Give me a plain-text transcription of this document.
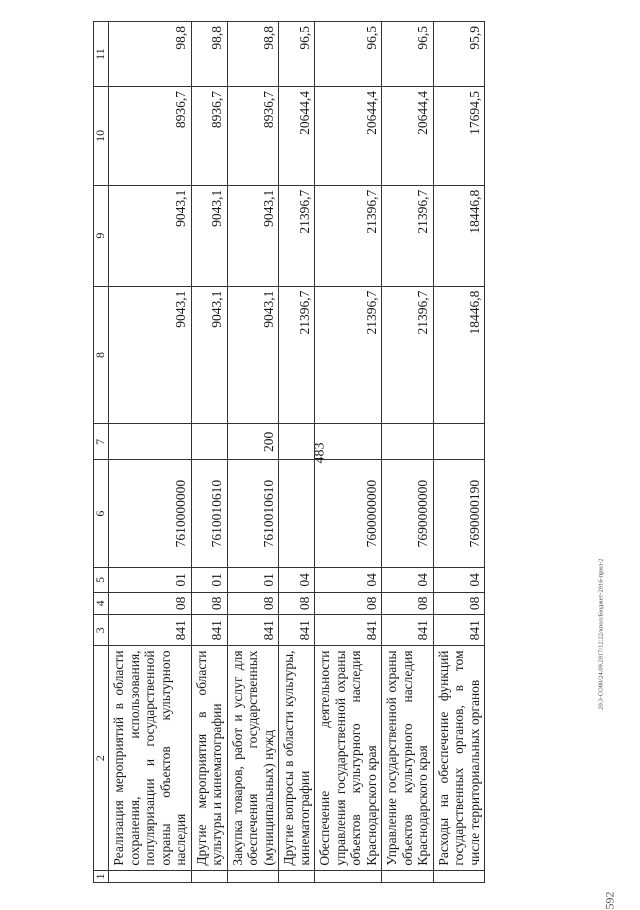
483
1	2	3	4	5	6	7	8	9	10	11
	Реализация мероприятий в области сохранения, использования, популяризации и государственной охраны объектов культурного наследия	841	08	01	7610000000		9043,1	9043,1	8936,7	98,8
	Другие мероприятия в области культуры и кинематографии	841	08	01	7610010610		9043,1	9043,1	8936,7	98,8
	Закупка товаров, работ и услуг для обеспечения государственных (муниципальных) нужд	841	08	01	7610010610	200	9043,1	9043,1	8936,7	98,8
	Другие вопросы в области культуры, кинематографии	841	08	04			21396,7	21396,7	20644,4	96,5
	Обеспечение деятельности управления государственной охраны объектов культурного наследия Краснодарского края	841	08	04	7600000000		21396,7	21396,7	20644,4	96,5
	Управление государственной охраны объектов культурного наследия Краснодарского края	841	08	04	7690000000		21396,7	21396,7	20644,4	96,5
	Расходы на обеспечение функций государственных органов, в том числе территориальных органов	841	08	04	7690000190		18446,8	18446,8	17694,5	95,9
20.3-СО80/24.09.2017/12:22/кпол/Бюджет-2016-прил-2
592
